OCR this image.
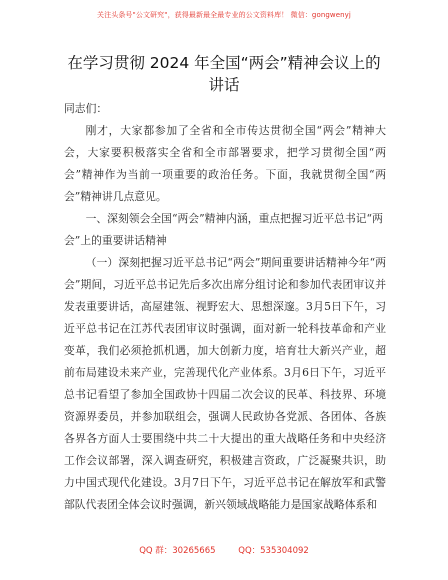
关注头条号"公文研究"，获得最新最全最专业的公文资料库！ 微信：gongwenyj
在学习贯彻 2024 年全国“两会”精神会议上的
讲话

同志们：

刚才，大家都参加了全省和全市传达贯彻全国“两会”精神大会，大家要积极落实全省和全市部署要求，把学习贯彻全国“两会”精神作为当前一项重要的政治任务。下面，我就贯彻全国“两会”精神讲几点意见。

一、深刻领会全国“两会”精神内涵，重点把握习近平总书记“两会”上的重要讲话精神

（一）深刻把握习近平总书记“两会”期间重要讲话精神今年“两会”期间，习近平总书记先后多次出席分组讨论和参加代表团审议并发表重要讲话，高屋建瓴、视野宏大、思想深邃。3月5日下午，习近平总书记在江苏代表团审议时强调，面对新一轮科技革命和产业变革，我们必须抢抓机遇，加大创新力度，培育壮大新兴产业，超前布局建设未来产业，完善现代化产业体系。3月6日下午，习近平总书记看望了参加全国政协十四届二次会议的民革、科技界、环境资源界委员，并参加联组会，强调人民政协各党派、各团体、各族各界各方面人士要围绕中共二十大提出的重大战略任务和中央经济工作会议部署，深入调查研究，积极建言资政，广泛凝聚共识，助力中国式现代化建设。3月7日下午，习近平总书记在解放军和武警部队代表团全体会议时强调，新兴领域战略能力是国家战略体系和

QQ 群：30265665	QQ：535304092
